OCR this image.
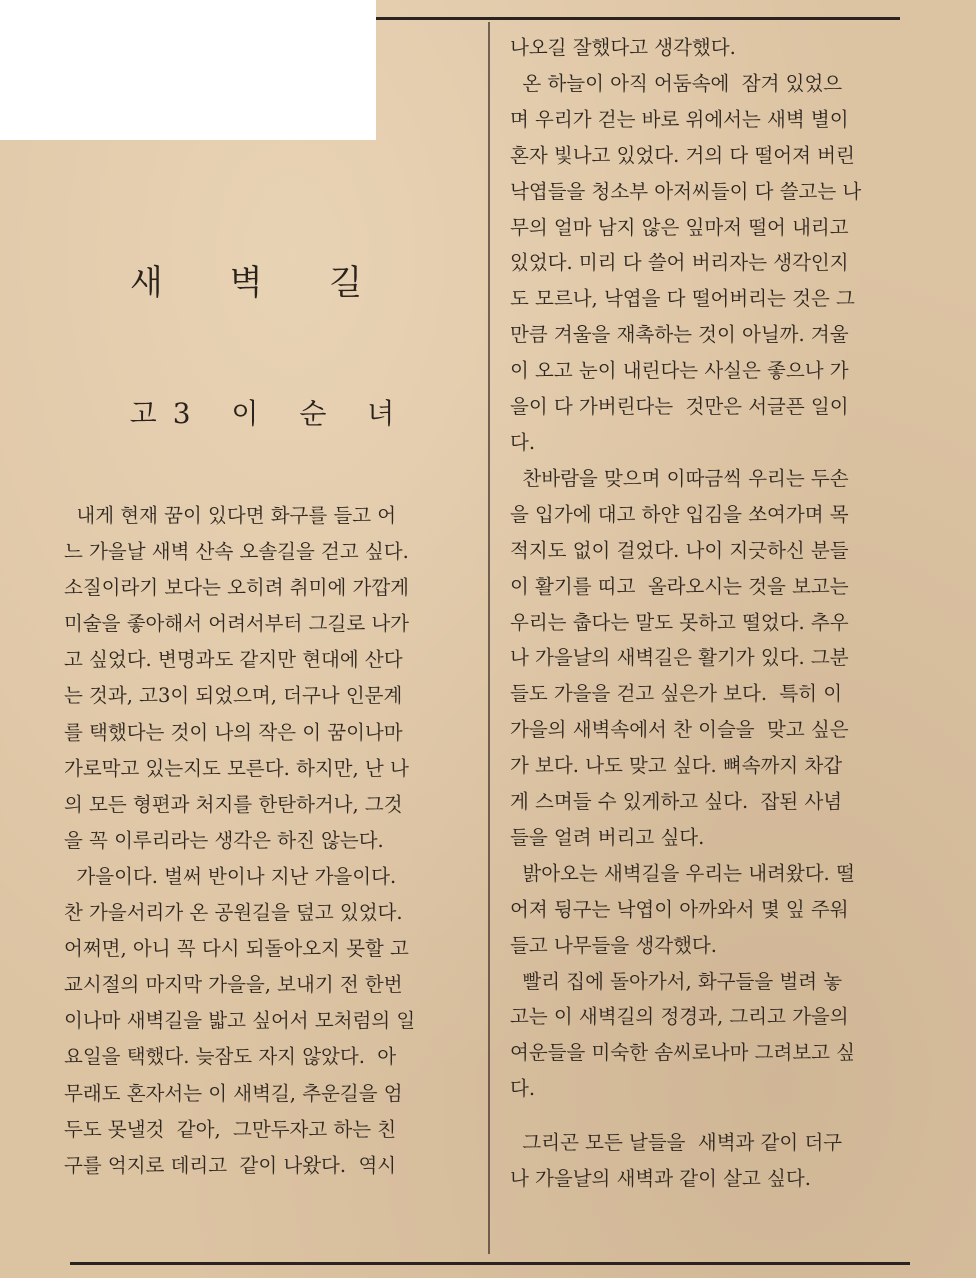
새 벽 길
고3 이 순 녀

내게 현재 꿈이 있다면 화구를 들고 어

느 가을날 새벽 산속 오솔길을 걷고 싶다.

소질이라기 보다는 오히려 취미에 가깝게

미술을 좋아해서 어려서부터 그길로 나가

고 싶었다. 변명과도 같지만 현대에 산다

는 것과, 고3이 되었으며, 더구나 인문계

를 택했다는 것이 나의 작은 이 꿈이나마

가로막고 있는지도 모른다. 하지만, 난 나

의 모든 형편과 처지를 한탄하거나, 그것

을 꼭 이루리라는 생각은 하진 않는다.

가을이다. 벌써 반이나 지난 가을이다.

찬 가을서리가 온 공원길을 덮고 있었다.

어쩌면, 아니 꼭 다시 되돌아오지 못할 고

교시절의 마지막 가을을, 보내기 전 한번

이나마 새벽길을 밟고 싶어서 모처럼의 일

요일을 택했다. 늦잠도 자지 않았다.  아

무래도 혼자서는 이 새벽길, 추운길을 엄

두도 못낼것  같아,  그만두자고 하는 친

구를 억지로 데리고  같이 나왔다.  역시

나오길 잘했다고 생각했다.

온 하늘이 아직 어둠속에  잠겨 있었으

며 우리가 걷는 바로 위에서는 새벽 별이

혼자 빛나고 있었다. 거의 다 떨어져 버린

낙엽들을 청소부 아저씨들이 다 쓸고는 나

무의 얼마 남지 않은 잎마저 떨어 내리고

있었다. 미리 다 쓸어 버리자는 생각인지

도 모르나, 낙엽을 다 떨어버리는 것은 그

만큼 겨울을 재촉하는 것이 아닐까. 겨울

이 오고 눈이 내린다는 사실은 좋으나 가

을이 다 가버린다는  것만은 서글픈 일이

다.

찬바람을 맞으며 이따금씩 우리는 두손

을 입가에 대고 하얀 입김을 쏘여가며 목

적지도 없이 걸었다. 나이 지긋하신 분들

이 활기를 띠고  올라오시는 것을 보고는

우리는 춥다는 말도 못하고 떨었다. 추우

나 가을날의 새벽길은 활기가 있다. 그분

들도 가을을 걷고 싶은가 보다.  특히 이

가을의 새벽속에서 찬 이슬을  맞고 싶은

가 보다. 나도 맞고 싶다. 뼈속까지 차갑

게 스며들 수 있게하고 싶다.  잡된 사념

들을 얼려 버리고 싶다.

밝아오는 새벽길을 우리는 내려왔다. 떨

어져 뒹구는 낙엽이 아까와서 몇 잎 주워

들고 나무들을 생각했다.

빨리 집에 돌아가서, 화구들을 벌려 놓

고는 이 새벽길의 정경과, 그리고 가을의

여운들을 미숙한 솜씨로나마 그려보고 싶

다.

그리곤 모든 날들을  새벽과 같이 더구

나 가을날의 새벽과 같이 살고 싶다.
